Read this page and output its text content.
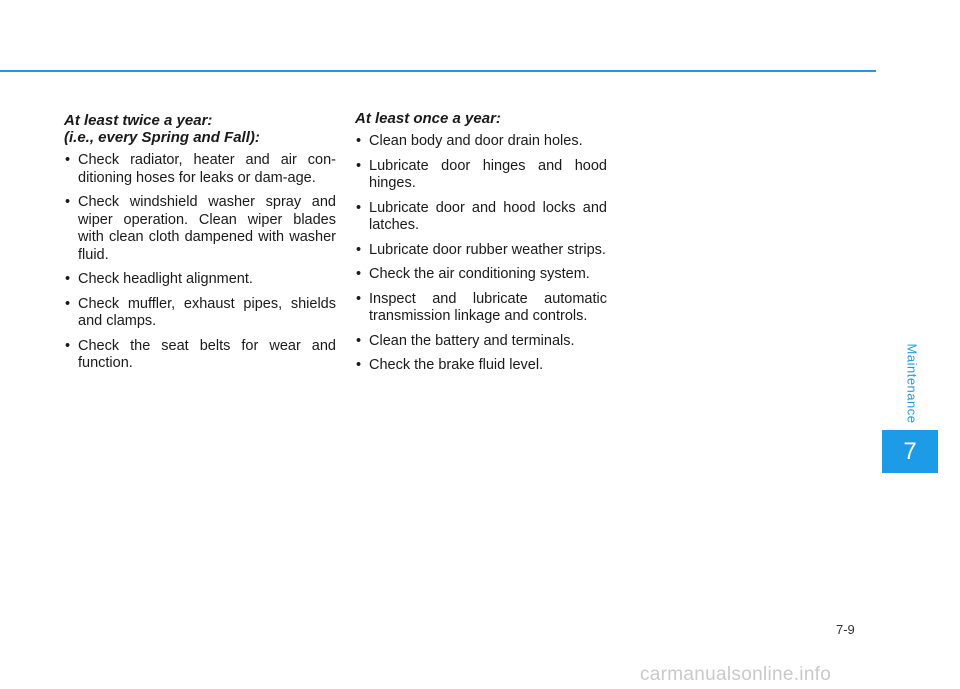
At least twice a year:
(i.e., every Spring and Fall):
• Check radiator, heater and air con-ditioning hoses for leaks or dam-age.
• Check windshield washer spray and wiper operation. Clean wiper blades with clean cloth dampened with washer fluid.
• Check headlight alignment.
• Check muffler, exhaust pipes, shields and clamps.
• Check the seat belts for wear and function.
At least once a year:
• Clean body and door drain holes.
• Lubricate door hinges and hood hinges.
• Lubricate door and hood locks and latches.
• Lubricate door rubber weather strips.
• Check the air conditioning system.
• Inspect and lubricate automatic transmission linkage and controls.
• Clean the battery and terminals.
• Check the brake fluid level.	Maintenance
7
7-9
carmanualsonline.info
